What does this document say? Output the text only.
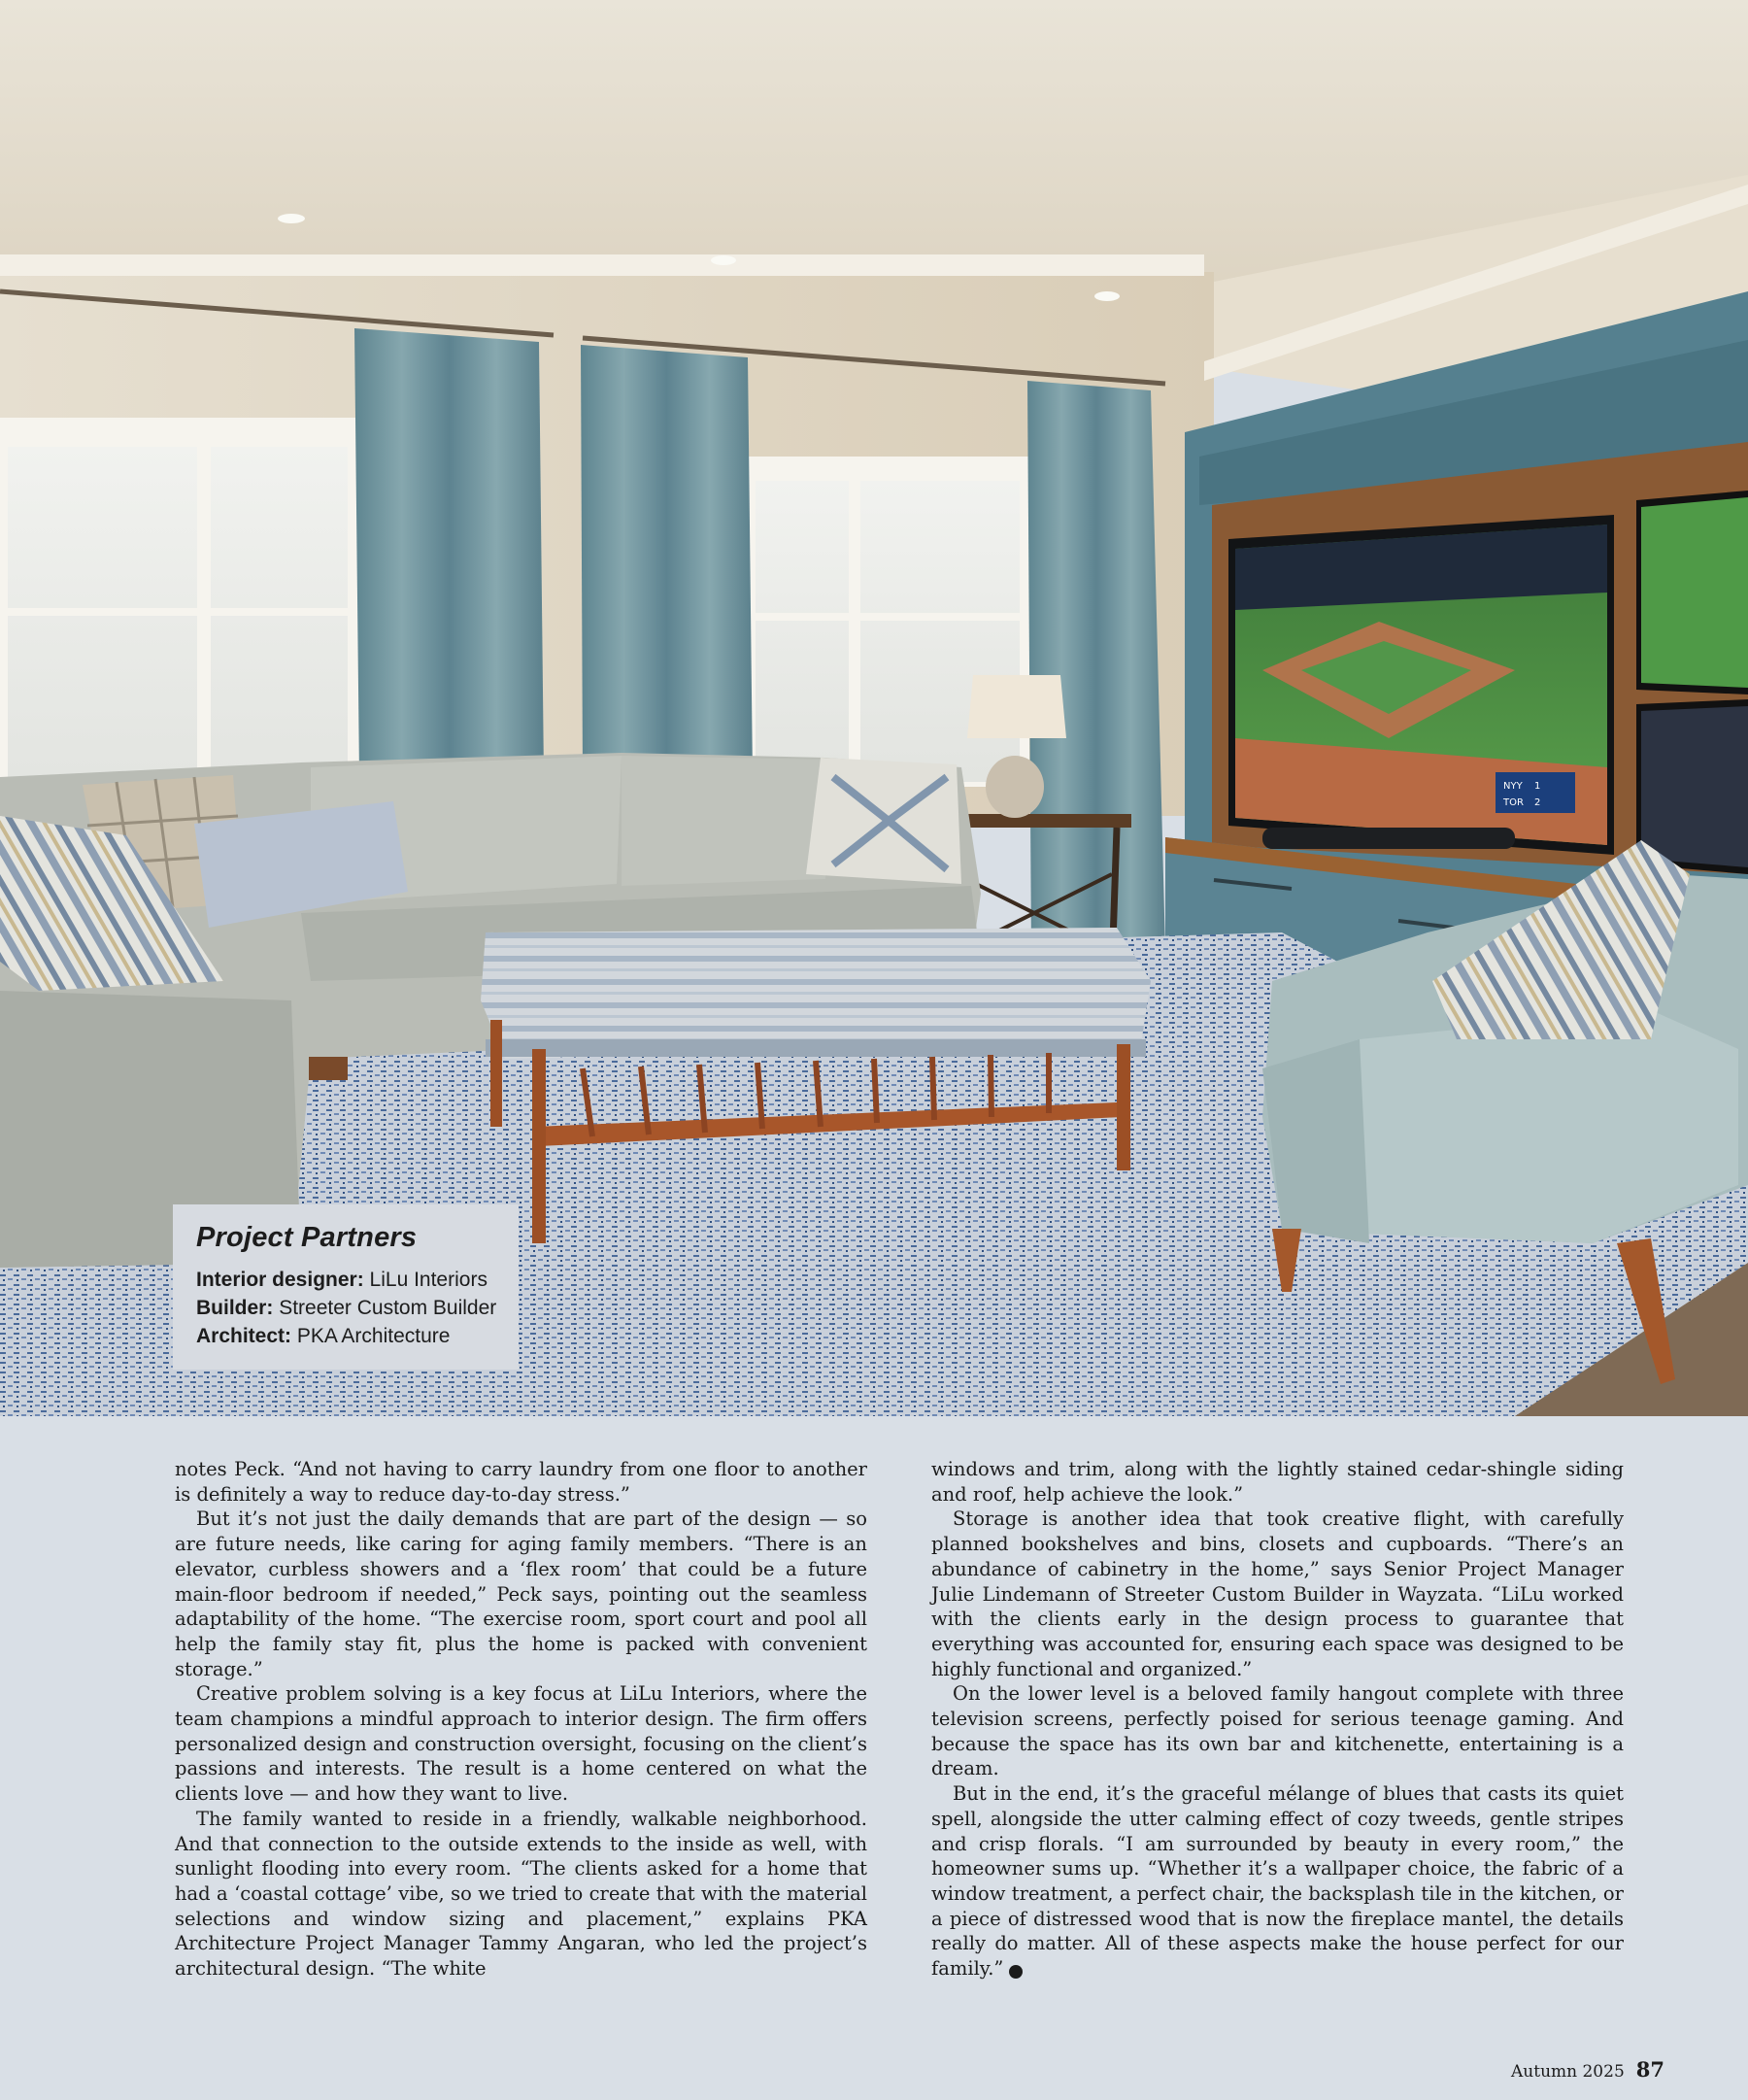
NYY
TOR
1
2
Project Partners
Interior designer: LiLu Interiors
Builder: Streeter Custom Builder
Architect: PKA Architecture

notes Peck. “And not having to carry laundry from one floor to another is definitely a way to reduce day-to-day stress.”

But it’s not just the daily demands that are part of the design — so are future needs, like caring for aging family members. “There is an elevator, curbless showers and a ‘flex room’ that could be a future main-floor bedroom if needed,” Peck says, pointing out the seamless adaptability of the home. “The exercise room, sport court and pool all help the family stay fit, plus the home is packed with convenient storage.”

Creative problem solving is a key focus at LiLu Interiors, where the team champions a mindful approach to interior design. The firm offers personalized design and construction oversight, focusing on the client’s passions and interests. The result is a home centered on what the clients love — and how they want to live.

The family wanted to reside in a friendly, walkable neighborhood. And that connection to the outside extends to the inside as well, with sunlight flooding into every room. “The clients asked for a home that had a ‘coastal cottage’ vibe, so we tried to create that with the material selections and window sizing and placement,” explains PKA Architecture Project Manager Tammy Angaran, who led the project’s architectural design. “The white

windows and trim, along with the lightly stained cedar-shingle siding and roof, help achieve the look.”

Storage is another idea that took creative flight, with carefully planned bookshelves and bins, closets and cupboards. “There’s an abundance of cabinetry in the home,” says Senior Project Manager Julie Lindemann of Streeter Custom Builder in Wayzata. “LiLu worked with the clients early in the design process to guarantee that everything was accounted for, ensuring each space was designed to be highly functional and organized.”

On the lower level is a beloved family hangout complete with three television screens, perfectly poised for serious teenage gaming. And because the space has its own bar and kitchenette, entertaining is a dream.

But in the end, it’s the graceful mélange of blues that casts its quiet spell, alongside the utter calming effect of cozy tweeds, gentle stripes and crisp florals. “I am surrounded by beauty in every room,” the homeowner sums up. “Whether it’s a wallpaper choice, the fabric of a window treatment, a perfect chair, the backsplash tile in the kitchen, or a piece of distressed wood that is now the fireplace mantel, the details really do matter. All of these aspects make the house perfect for our family.”	L

Autumn 2025 87
